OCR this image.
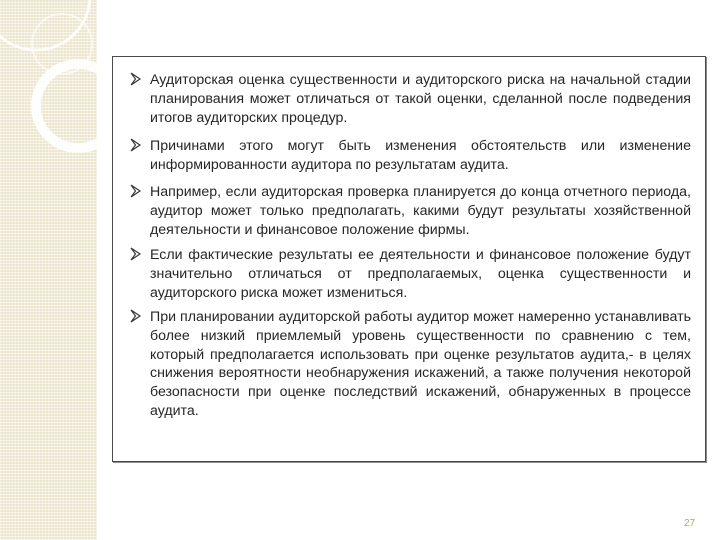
Аудиторская оценка существенности и аудиторского риска на начальной стадии планирования может отличаться от такой оценки, сделанной после подведения итогов аудиторских процедур.

Причинами этого могут быть изменения обстоятельств или изменение информированности аудитора по результатам аудита.

Например, если аудиторская проверка планируется до конца отчетного периода, аудитор может только предполагать, какими будут результаты хозяйственной деятельности и финансовое положение фирмы.

Если фактические результаты ее деятельности и финансовое положение будут значительно отличаться от предполагаемых, оценка существенности и аудиторского риска может измениться.

При планировании аудиторской работы аудитор может намеренно устанавливать более низкий приемлемый уровень существенности по сравнению с тем, который предполагается использовать при оценке результатов аудита,- в целях снижения вероятности необнаружения искажений, а также получения некоторой безопасности при оценке последствий искажений, обнаруженных в процессе аудита.

27
